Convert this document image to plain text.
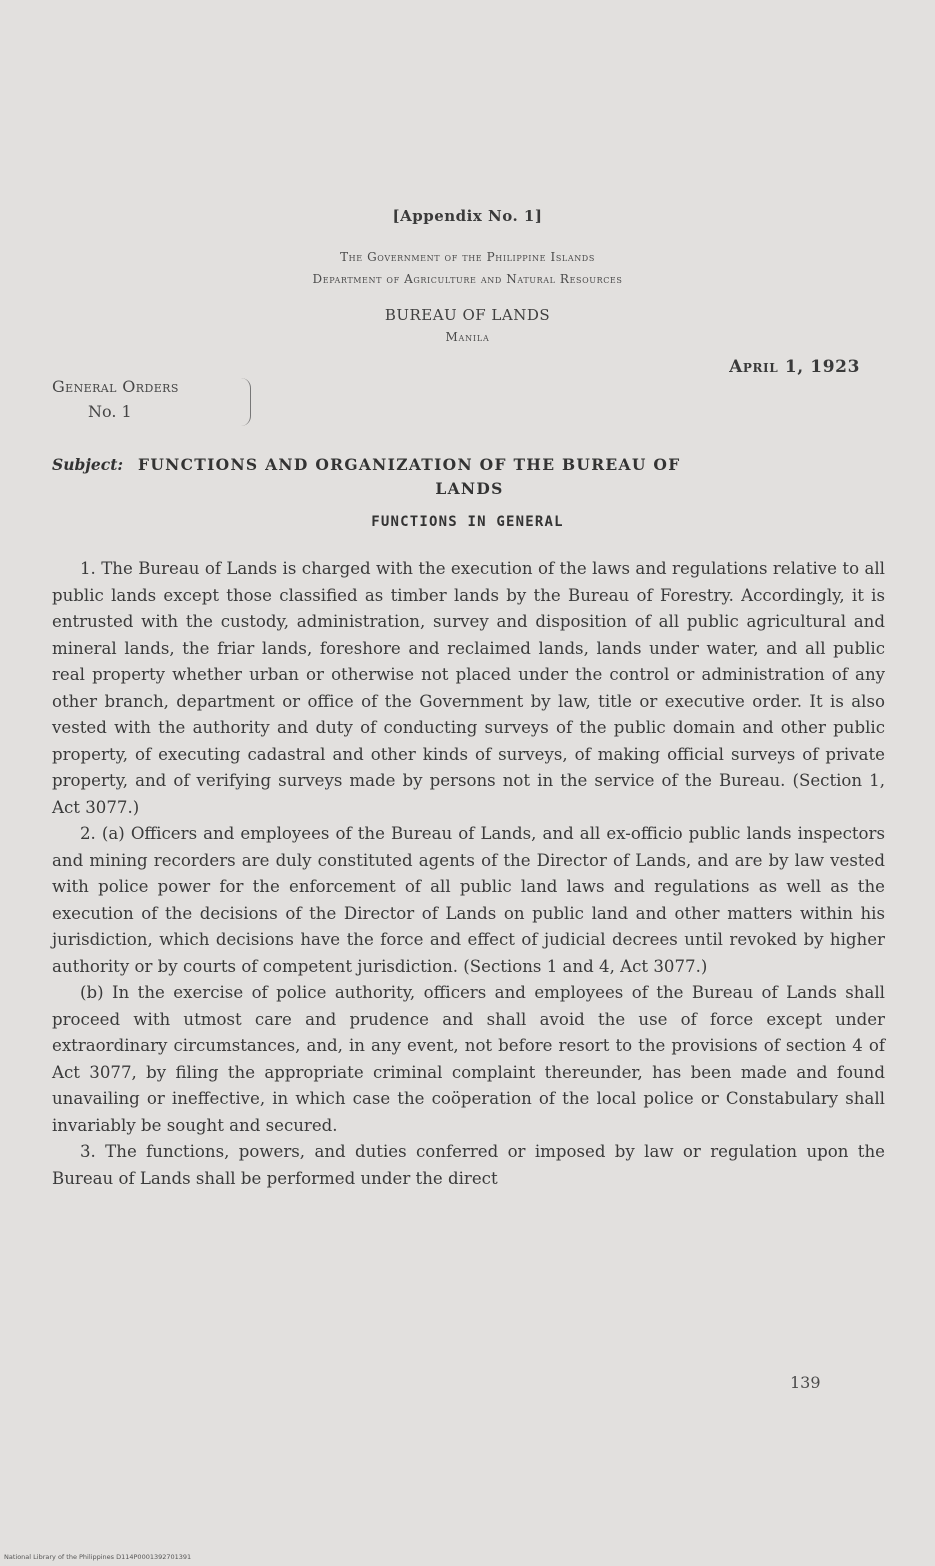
[Appendix No. 1]
The Government of the Philippine Islands
Department of Agriculture and Natural Resources
BUREAU OF LANDS
Manila
April 1, 1923
General Orders
No. 1
Subject: FUNCTIONS AND ORGANIZATION OF THE BUREAU OF
LANDS
FUNCTIONS IN GENERAL

1. The Bureau of Lands is charged with the execution of the laws and regulations relative to all public lands except those classified as timber lands by the Bureau of Forestry. Accordingly, it is entrusted with the custody, administration, survey and disposition of all public agricultural and mineral lands, the friar lands, foreshore and reclaimed lands, lands under water, and all public real property whether urban or otherwise not placed under the control or administration of any other branch, department or office of the Government by law, title or executive order. It is also vested with the authority and duty of conducting surveys of the public domain and other public property, of executing cadastral and other kinds of surveys, of making official surveys of private property, and of verifying surveys made by persons not in the service of the Bureau. (Section 1, Act 3077.)

2. (a) Officers and employees of the Bureau of Lands, and all ex-officio public lands inspectors and mining recorders are duly constituted agents of the Director of Lands, and are by law vested with police power for the enforcement of all public land laws and regulations as well as the execution of the decisions of the Director of Lands on public land and other matters within his jurisdiction, which decisions have the force and effect of judicial decrees until revoked by higher authority or by courts of competent jurisdiction. (Sections 1 and 4, Act 3077.)

(b) In the exercise of police authority, officers and employees of the Bureau of Lands shall proceed with utmost care and prudence and shall avoid the use of force except under extraordinary circumstances, and, in any event, not before resort to the provisions of section 4 of Act 3077, by filing the appropriate criminal complaint thereunder, has been made and found unavailing or ineffective, in which case the coöperation of the local police or Constabulary shall invariably be sought and secured.

3. The functions, powers, and duties conferred or imposed by law or regulation upon the Bureau of Lands shall be performed under the direct

139
National Library of the Philippines D114P0001392701391
